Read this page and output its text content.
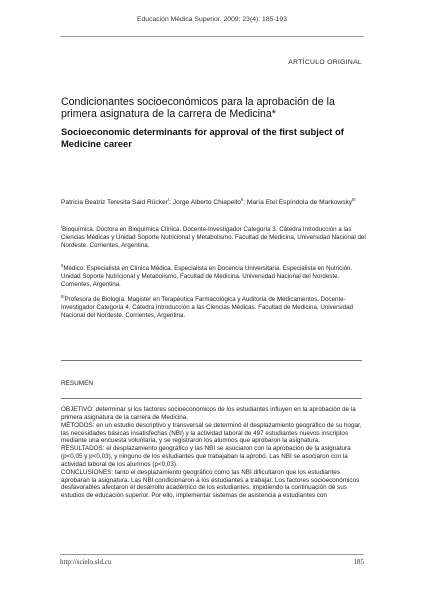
Educación Médica Superior. 2009; 23(4): 185-193
ARTÍCULO ORIGINAL
Condicionantes socioeconómicos para la aprobación de la primera asignatura de la carrera de Medicina*
Socioeconomic determinants for approval of the first subject of Medicine career
Patricia Beatriz Teresita Said Rücker$^I$; Jorge Alberto Chiapello$^{II}$; María Etel Espíndola de Markowsky$^{III}$
$^I$Bioquímica. Doctora en Bioquímica Clínica. Docente-Investigador Categoría 3. Cátedra Introducción a las Ciencias Médicas y Unidad Soporte Nutricional y Metabolismo. Facultad de Medicina, Universidad Nacional del Nordeste. Corrientes, Argentina.
$^{II}$Médico. Especialista en Clínica Médica. Especialista en Docencia Universitaria. Especialista en Nutrición. Unidad Soporte Nutricional y Metabolismo, Facultad de Medicina. Universidad Nacional del Nordeste. Corrientes, Argentina.
$^{III}$Profesora de Biología. Magister en Terapéutica Farmacológica y Auditoría de Medicamentos. Docente-Investigador Categoría 4. Cátedra Introducción a las Ciencias Médicas. Facultad de Medicina, Universidad Nacional del Nordeste. Corrientes, Argentina.
RESUMEN

OBJETIVO: determinar si los factores socioeconómicos de los estudiantes influyen en la aprobación de la primera asignatura de la carrera de Medicina.

MÉTODOS: en un estudio descriptivo y transversal se determinó el desplazamiento geográfico de su hogar, las necesidades básicas insatisfechas (NBI) y la actividad laboral de 497 estudiantes nuevos inscriptos mediante una encuesta voluntaria, y se registraron los alumnos que aprobaron la asignatura.

RESULTADOS: el desplazamiento geográfico y las NBI se asociaron con la aprobación de la asignatura (p<0,05 y p<0,03), y ninguno de los estudiantes que trabajaban la aprobó. Las NBI se asociaron con la actividad laboral de los alumnos (p<0,03).

CONCLUSIONES: tanto el desplazamiento geográfico como las NBI dificultaron que los estudiantes aprobaran la asignatura. Las NBI condicionaron a los estudiantes a trabajar. Los factores socioeconómicos desfavorables afectaron el desarrollo académico de los estudiantes, impidiendo la continuación de sus estudios de educación superior. Por ello, implementar sistemas de asistencia a estudiantes con

http://scielo.sld.cu	185
